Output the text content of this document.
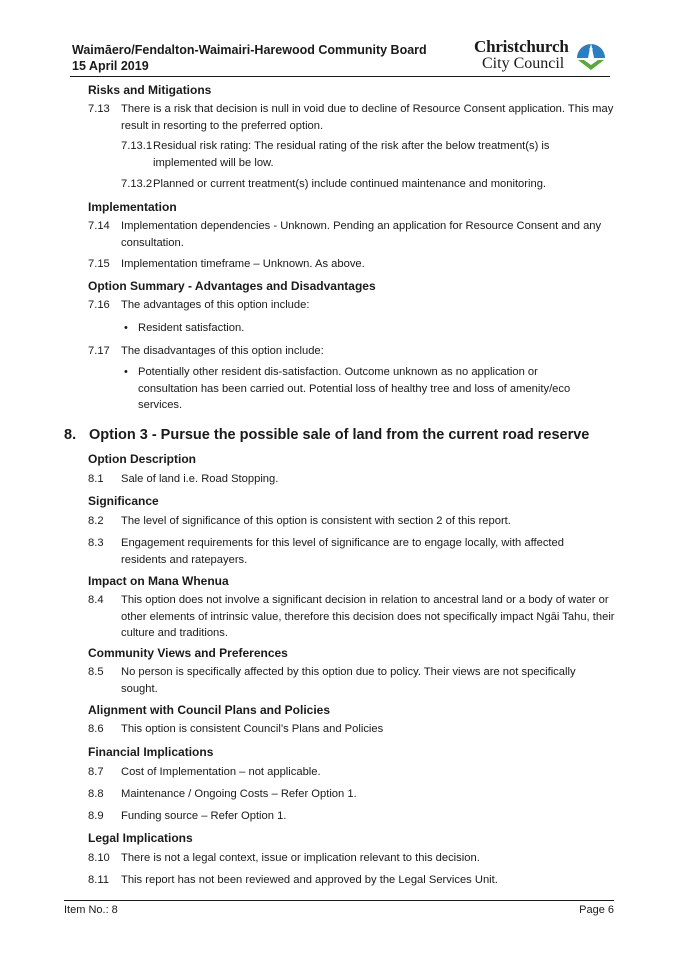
Waimāero/Fendalton-Waimairi-Harewood Community Board
15 April 2019
Christchurch
City Council
Risks and Mitigations
7.13 There is a risk that decision is null in void due to decline of Resource Consent application. This may result in resorting to the preferred option.
7.13.1 Residual risk rating: The residual rating of the risk after the below treatment(s) is implemented will be low.
7.13.2 Planned or current treatment(s) include continued maintenance and monitoring.
Implementation
7.14 Implementation dependencies - Unknown. Pending an application for Resource Consent and any consultation.
7.15 Implementation timeframe – Unknown. As above.
Option Summary - Advantages and Disadvantages
7.16 The advantages of this option include:
• Resident satisfaction.
7.17 The disadvantages of this option include:
• Potentially other resident dis-satisfaction. Outcome unknown as no application or consultation has been carried out. Potential loss of healthy tree and loss of amenity/eco services.
8. Option 3 - Pursue the possible sale of land from the current road reserve
Option Description
8.1 Sale of land i.e. Road Stopping.
Significance
8.2 The level of significance of this option is consistent with section 2 of this report.
8.3 Engagement requirements for this level of significance are to engage locally, with affected residents and ratepayers.
Impact on Mana Whenua
8.4 This option does not involve a significant decision in relation to ancestral land or a body of water or other elements of intrinsic value, therefore this decision does not specifically impact Ngāi Tahu, their culture and traditions.
Community Views and Preferences
8.5 No person is specifically affected by this option due to policy. Their views are not specifically sought.
Alignment with Council Plans and Policies
8.6 This option is consistent Council’s Plans and Policies
Financial Implications
8.7 Cost of Implementation – not applicable.
8.8 Maintenance / Ongoing Costs – Refer Option 1.
8.9 Funding source – Refer Option 1.
Legal Implications
8.10 There is not a legal context, issue or implication relevant to this decision.
8.11 This report has not been reviewed and approved by the Legal Services Unit.
Item No.: 8	Page 6
